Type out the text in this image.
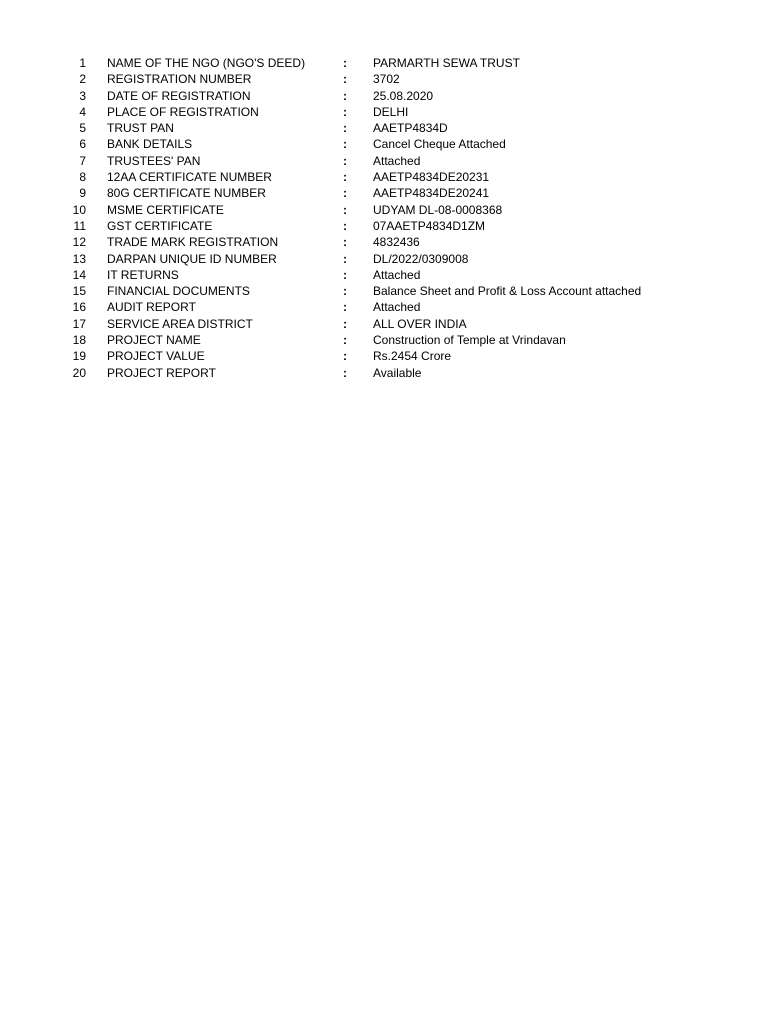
1 NAME OF THE NGO (NGO'S DEED)	: PARMARTH SEWA TRUST
2 REGISTRATION NUMBER	: 3702
3 DATE OF REGISTRATION	: 25.08.2020
4 PLACE OF REGISTRATION	: DELHI
5 TRUST PAN	: AAETP4834D
6 BANK DETAILS	: Cancel Cheque Attached
7 TRUSTEES' PAN	: Attached
8 12AA CERTIFICATE NUMBER	: AAETP4834DE20231
9 80G CERTIFICATE NUMBER	: AAETP4834DE20241
10 MSME CERTIFICATE	: UDYAM DL-08-0008368
11 GST CERTIFICATE	: 07AAETP4834D1ZM
12 TRADE MARK REGISTRATION	: 4832436
13 DARPAN UNIQUE ID NUMBER	: DL/2022/0309008
14 IT RETURNS	: Attached
15 FINANCIAL DOCUMENTS	: Balance Sheet and Profit & Loss Account attached
16 AUDIT REPORT	: Attached
17 SERVICE AREA DISTRICT	: ALL OVER INDIA
18 PROJECT NAME	: Construction of Temple at Vrindavan
19 PROJECT VALUE	: Rs.2454 Crore
20 PROJECT REPORT	: Available
